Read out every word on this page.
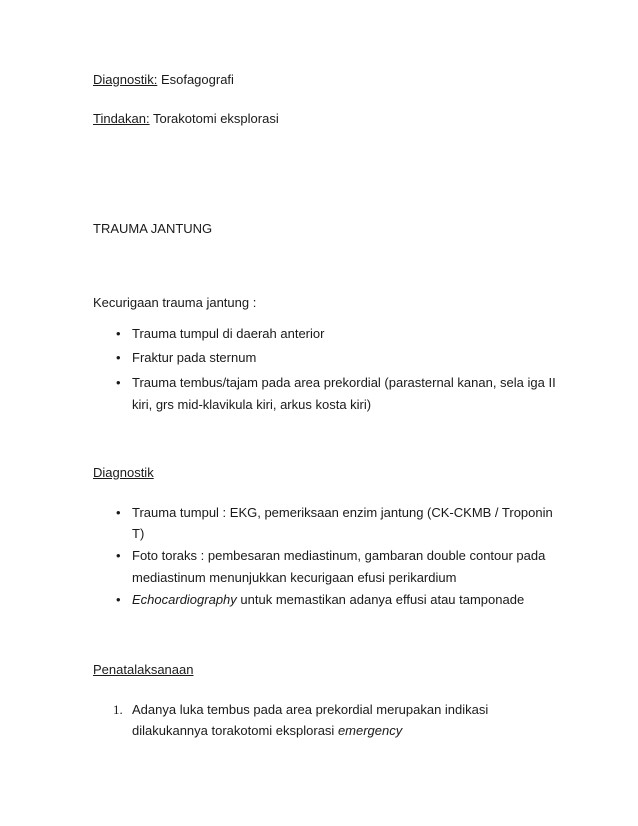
Diagnostik: Esofagografi
Tindakan: Torakotomi eksplorasi
TRAUMA JANTUNG
Kecurigaan trauma jantung :
• Trauma tumpul di daerah anterior
• Fraktur pada sternum
• Trauma tembus/tajam pada area prekordial (parasternal kanan, sela iga II
kiri, grs mid-klavikula kiri, arkus kosta kiri)
Diagnostik
• Trauma tumpul : EKG, pemeriksaan enzim jantung (CK-CKMB / Troponin
T)
• Foto toraks : pembesaran mediastinum, gambaran double contour pada
mediastinum menunjukkan kecurigaan efusi perikardium
• Echocardiography untuk memastikan adanya effusi atau tamponade
Penatalaksanaan
1. Adanya luka tembus pada area prekordial merupakan indikasi
dilakukannya torakotomi eksplorasi emergency
